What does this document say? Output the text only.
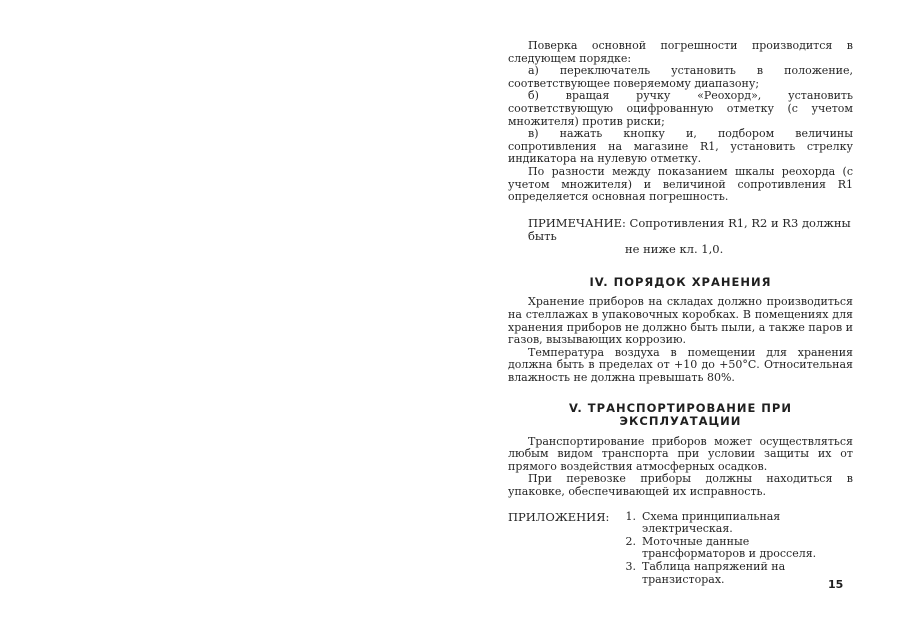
Поверка основной погрешности производится в следующем порядке:

а) переключатель установить в положение, соответствующее поверяемому диапазону;

б) вращая ручку «Реохорд», установить соответствующую оцифрованную отметку (с учетом множителя) против риски;

в) нажать кнопку и, подбором величины сопротивления на магазине R1, установить стрелку индикатора на нулевую отметку.

По разности между показанием шкалы реохорда (с учетом множителя) и величиной сопротивления R1 определяется основная погрешность.

ПРИМЕЧАНИЕ: Сопротивления R1, R2 и R3 должны быть
не ниже кл. 1,0.
IV. ПОРЯДОК ХРАНЕНИЯ

Хранение приборов на складах должно производиться на стеллажах в упаковочных коробках. В помещениях для хранения приборов не должно быть пыли, а также паров и газов, вызывающих коррозию.

Температура воздуха в помещении для хранения должна быть в пределах от +10 до +50°С. Относительная влажность не должна превышать 80%.

V. ТРАНСПОРТИРОВАНИЕ ПРИ ЭКСПЛУАТАЦИИ

Транспортирование приборов может осуществляться любым видом транспорта при условии защиты их от прямого воздействия атмосферных осадков.

При перевозке приборы должны находиться в упаковке, обеспечивающей их исправность.

ПРИЛОЖЕНИЯ:	1. Схема принципиальная электрическая.
2. Моточные данные трансформаторов и дросселя.
3. Таблица напряжений на транзисторах.	15
